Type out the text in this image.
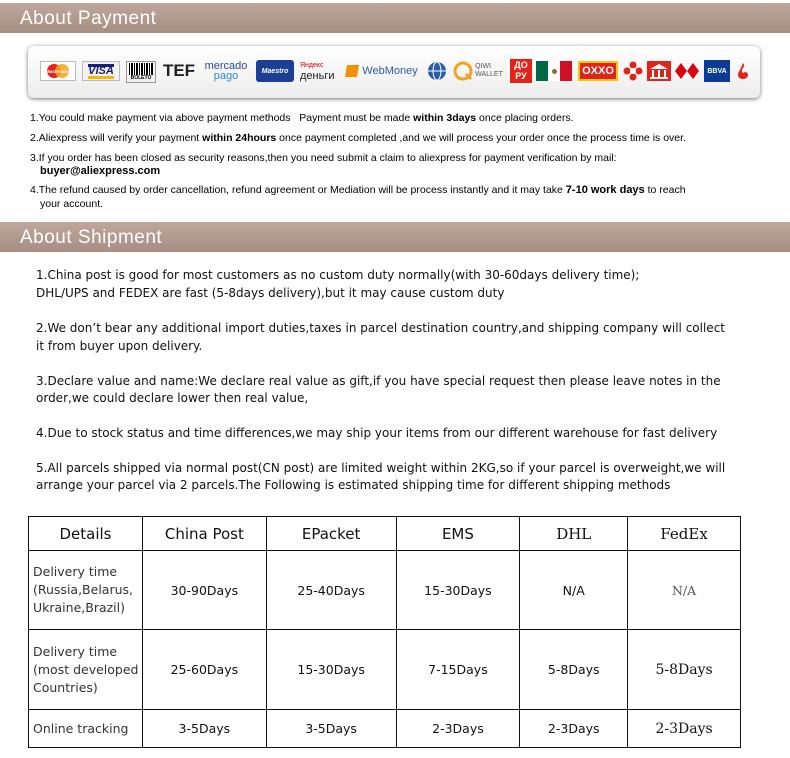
About Payment
Mastercard VISA
BOLETO TEF mercado
pago	Maestro
Яндекс
деньги	WebMoney	QIWI
WALLET
ДО
РУ	OXXO	BBVA
1.You could make payment via above payment methods Payment must be made within 3days once placing orders.
2.Aliexpress will verify your payment within 24hours once payment completed ,and we will process your order once the process time is over.
3.If you order has been closed as security reasons,then you need submit a claim to aliexpress for payment verification by mail:
buyer@aliexpress.com
4.The refund caused by order cancellation, refund agreement or Mediation will be process instantly and it may take 7-10 work days to reach
your account.
About Shipment
1.China post is good for most customers as no custom duty normally(with 30-60days delivery time);
DHL/UPS and FEDEX are fast (5-8days delivery),but it may cause custom duty
2.We don’t bear any additional import duties,taxes in parcel destination country,and shipping company will collect
it from buyer upon delivery.
3.Declare value and name:We declare real value as gift,if you have special request then please leave notes in the
order,we could declare lower then real value,
4.Due to stock status and time differences,we may ship your items from our different warehouse for fast delivery
5.All parcels shipped via normal post(CN post) are limited weight within 2KG,so if your parcel is overweight,we will
arrange your parcel via 2 parcels.The Following is estimated shipping time for different shipping methods
Details	China Post	EPacket	EMS	DHL	FedEx

Delivery time
(Russia,Belarus,
Ukraine,Brazil)	30-90Days	25-40Days	15-30Days	N/A	N/A

Delivery time
(most developed
Countries)	25-60Days	15-30Days	7-15Days	5-8Days	5-8Days

Online tracking	3-5Days	3-5Days	2-3Days	2-3Days	2-3Days
